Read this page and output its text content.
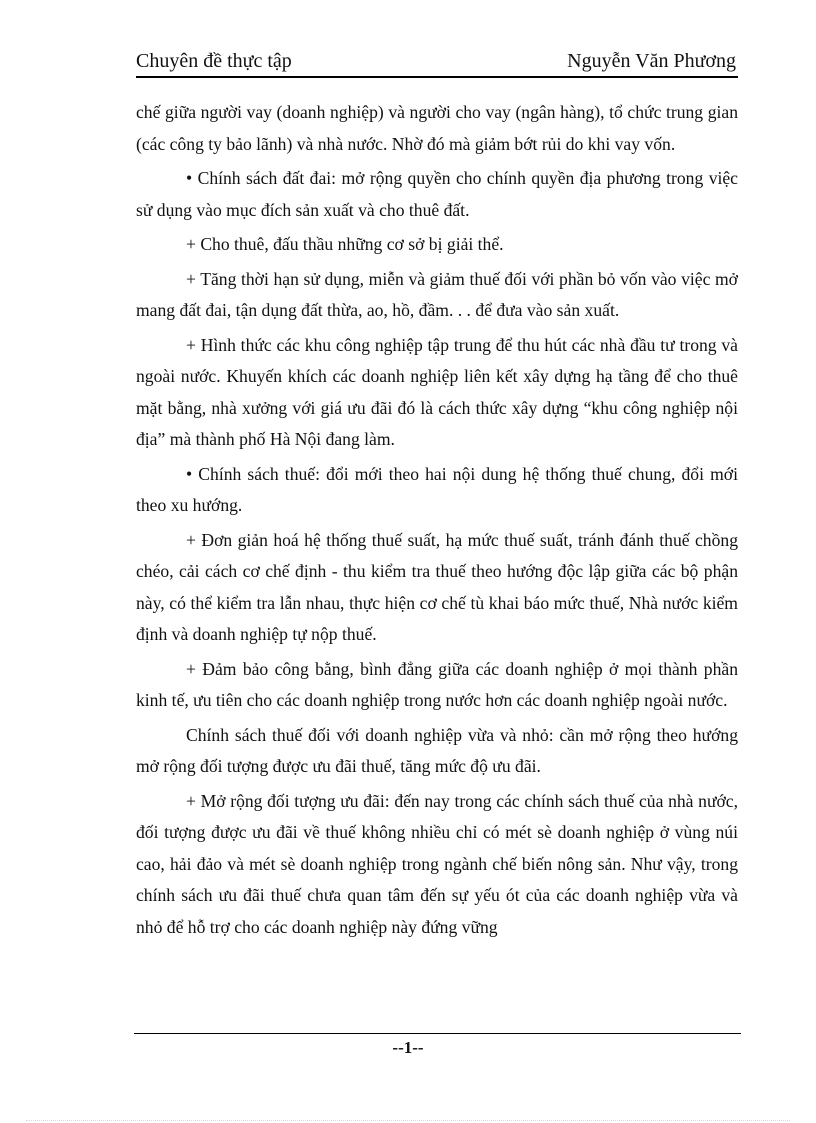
Chuyên đề thực tập	Nguyễn Văn Phương

chế giữa người vay (doanh nghiệp) và người cho vay (ngân hàng), tổ chức trung gian (các công ty bảo lãnh) và nhà nước. Nhờ đó mà giảm bớt rủi do khi vay vốn.

• Chính sách đất đai: mở rộng quyền cho chính quyền địa phương trong việc sử dụng vào mục đích sản xuất và cho thuê đất.

+ Cho thuê, đấu thầu những cơ sở bị giải thể.

+ Tăng thời hạn sử dụng, miễn và giảm thuế đối với phần bỏ vốn vào việc mở mang đất đai, tận dụng đất thừa, ao, hồ, đầm. . . để đưa vào sản xuất.

+ Hình thức các khu công nghiệp tập trung để thu hút các nhà đầu tư trong và ngoài nước. Khuyến khích các doanh nghiệp liên kết xây dựng hạ tầng để cho thuê mặt bằng, nhà xưởng với giá ưu đãi đó là cách thức xây dựng “khu công nghiệp nội địa” mà thành phố Hà Nội đang làm.

• Chính sách thuế: đổi mới theo hai nội dung hệ thống thuế chung, đổi mới theo xu hướng.

+ Đơn giản hoá hệ thống thuế suất, hạ mức thuế suất, tránh đánh thuế chồng chéo, cải cách cơ chế định - thu kiểm tra thuế theo hướng độc lập giữa các bộ phận này, có thể kiểm tra lẫn nhau, thực hiện cơ chế tù khai báo mức thuế, Nhà nước kiểm định và doanh nghiệp tự nộp thuế.

+ Đảm bảo công bằng, bình đẳng giữa các doanh nghiệp ở mọi thành phần kinh tế, ưu tiên cho các doanh nghiệp trong nước hơn các doanh nghiệp ngoài nước.

Chính sách thuế đối với doanh nghiệp vừa và nhỏ: cần mở rộng theo hướng mở rộng đối tượng được ưu đãi thuế, tăng mức độ ưu đãi.

+ Mở rộng đối tượng ưu đãi: đến nay trong các chính sách thuế của nhà nước, đối tượng được ưu đãi về thuế không nhiều chỉ có mét sè doanh nghiệp ở vùng núi cao, hải đảo và mét sè doanh nghiệp trong ngành chế biến nông sản. Như vậy, trong chính sách ưu đãi thuế chưa quan tâm đến sự yếu ót của các doanh nghiệp vừa và nhỏ để hỗ trợ cho các doanh nghiệp này đứng vững

--1--
